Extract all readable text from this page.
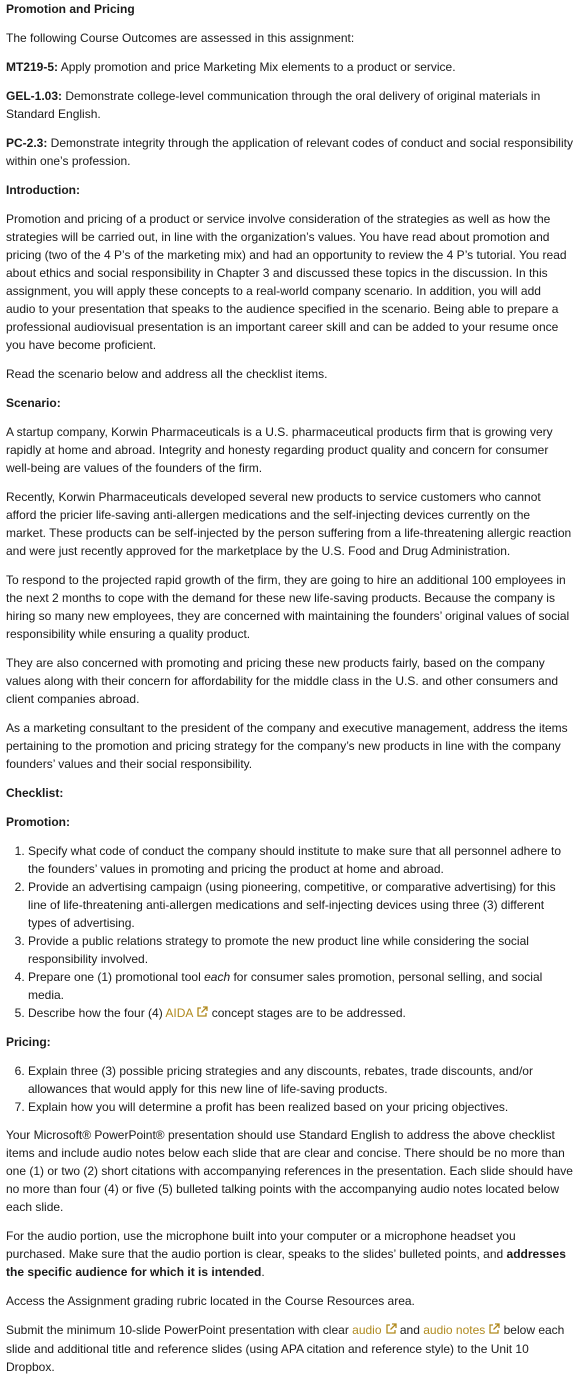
Promotion and Pricing

The following Course Outcomes are assessed in this assignment:

MT219-5: Apply promotion and price Marketing Mix elements to a product or service.

GEL-1.03: Demonstrate college-level communication through the oral delivery of original materials in Standard English.

PC-2.3: Demonstrate integrity through the application of relevant codes of conduct and social responsibility within one’s profession.

Introduction:

Promotion and pricing of a product or service involve consideration of the strategies as well as how the strategies will be carried out, in line with the organization’s values. You have read about promotion and pricing (two of the 4 P’s of the marketing mix) and had an opportunity to review the 4 P’s tutorial. You read about ethics and social responsibility in Chapter 3 and discussed these topics in the discussion. In this assignment, you will apply these concepts to a real-world company scenario. In addition, you will add audio to your presentation that speaks to the audience specified in the scenario. Being able to prepare a professional audiovisual presentation is an important career skill and can be added to your resume once you have become proficient.

Read the scenario below and address all the checklist items.

Scenario:

A startup company, Korwin Pharmaceuticals is a U.S. pharmaceutical products firm that is growing very rapidly at home and abroad. Integrity and honesty regarding product quality and concern for consumer well-being are values of the founders of the firm.

Recently, Korwin Pharmaceuticals developed several new products to service customers who cannot afford the pricier life-saving anti-allergen medications and the self-injecting devices currently on the market. These products can be self-injected by the person suffering from a life-threatening allergic reaction and were just recently approved for the marketplace by the U.S. Food and Drug Administration.

To respond to the projected rapid growth of the firm, they are going to hire an additional 100 employees in the next 2 months to cope with the demand for these new life-saving products. Because the company is hiring so many new employees, they are concerned with maintaining the founders’ original values of social responsibility while ensuring a quality product.

They are also concerned with promoting and pricing these new products fairly, based on the company values along with their concern for affordability for the middle class in the U.S. and other consumers and client companies abroad.

As a marketing consultant to the president of the company and executive management, address the items pertaining to the promotion and pricing strategy for the company’s new products in line with the company founders’ values and their social responsibility.

Checklist:
Promotion:
1. Specify what code of conduct the company should institute to make sure that all personnel adhere to the founders’ values in promoting and pricing the product at home and abroad.
2. Provide an advertising campaign (using pioneering, competitive, or comparative advertising) for this line of life-threatening anti-allergen medications and self-injecting devices using three (3) different types of advertising.
3. Provide a public relations strategy to promote the new product line while considering the social responsibility involved.
4. Prepare one (1) promotional tool each for consumer sales promotion, personal selling, and social media.
5. Describe how the four (4) AIDA concept stages are to be addressed.
Pricing:
6. Explain three (3) possible pricing strategies and any discounts, rebates, trade discounts, and/or allowances that would apply for this new line of life-saving products.
7. Explain how you will determine a profit has been realized based on your pricing objectives.

Your Microsoft® PowerPoint® presentation should use Standard English to address the above checklist items and include audio notes below each slide that are clear and concise. There should be no more than one (1) or two (2) short citations with accompanying references in the presentation. Each slide should have no more than four (4) or five (5) bulleted talking points with the accompanying audio notes located below each slide.

For the audio portion, use the microphone built into your computer or a microphone headset you purchased. Make sure that the audio portion is clear, speaks to the slides’ bulleted points, and addresses the specific audience for which it is intended.

Access the Assignment grading rubric located in the Course Resources area.

Submit the minimum 10-slide PowerPoint presentation with clear audio and audio notes below each slide and additional title and reference slides (using APA citation and reference style) to the Unit 10 Dropbox.
